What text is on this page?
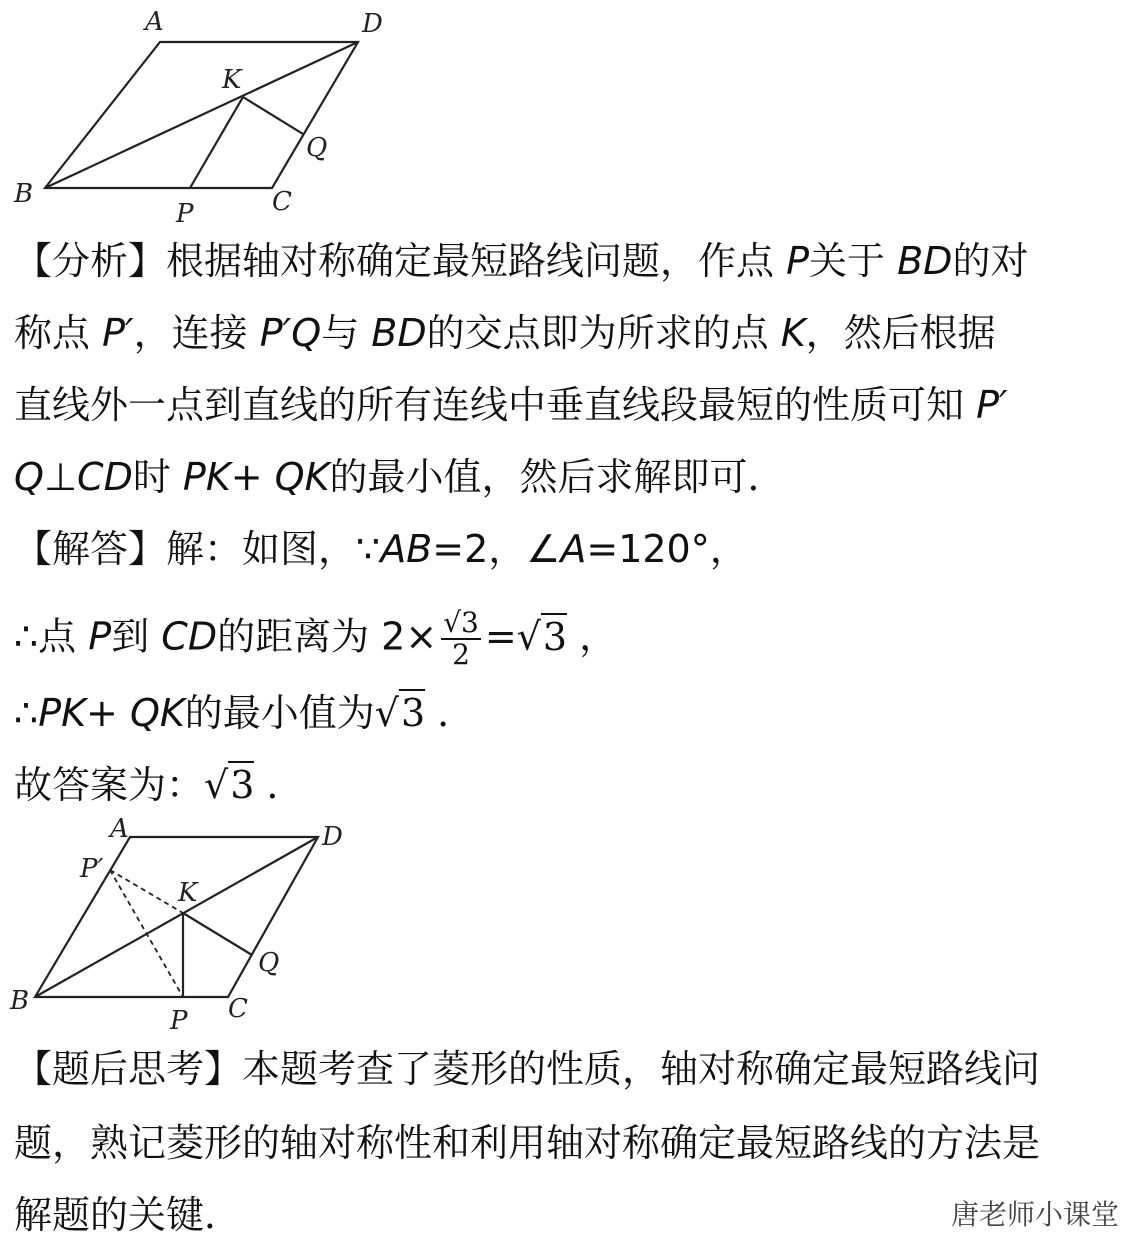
A	D
K
Q
B
P	C
【分析】根据轴对称确定最短路线问题，作点 P关于 BD的对
称点 P′，连接 P′Q与 BD的交点即为所求的点 K，然后根据
直线外一点到直线的所有连线中垂直线段最短的性质可知 P′
Q⊥CD时 PK+ QK的最小值，然后求解即可．
【解答】解：如图，∵AB=2，∠A=120°，
∴点 P到 CD的距离为 $2\times \frac{√3}{2} =√3$ ，
∴PK+ QK的最小值为√3 ．
故答案为：√3 ．
A	D
P′
K
Q
B
P C
【题后思考】本题考查了菱形的性质，轴对称确定最短路线问
题，熟记菱形的轴对称性和利用轴对称确定最短路线的方法是
解题的关键．	唐老师小课堂
